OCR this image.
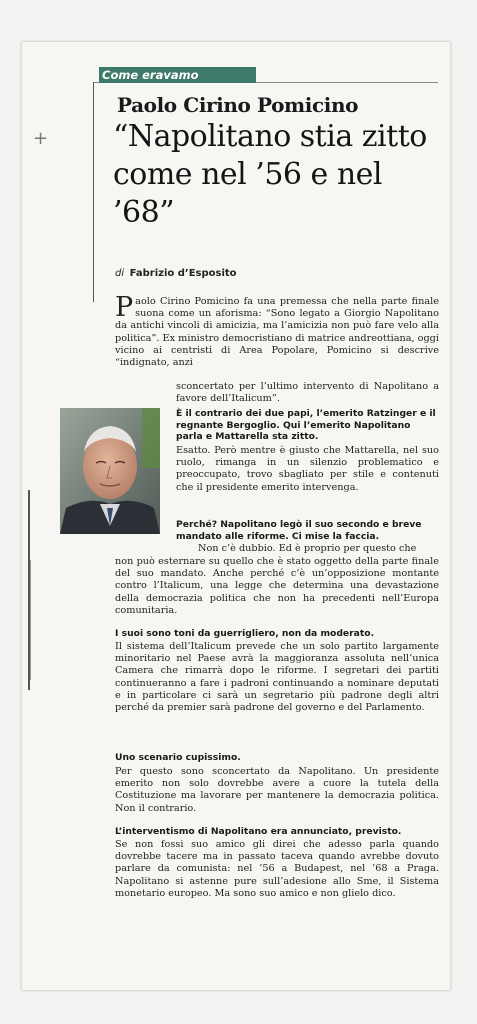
+
Come eravamo
Paolo Cirino Pomicino
“Napolitano stia zitto come nel ’56 e nel ’68”
di Fabrizio d’Esposito

Paolo Cirino Pomicino fa una premessa che nella parte finale suona come un aforisma: “Sono legato a Giorgio Napolitano da antichi vincoli di amicizia, ma l’amicizia non può fare velo alla politica”. Ex ministro democristiano di matrice andreottiana, oggi vicino ai centristi di Area Popolare, Pomicino si descrive “indignato, anzi

sconcertato per l’ultimo intervento di Napolitano a favore dell’Italicum”.

È il contrario dei due papi, l’emerito Ratzinger e il regnante Bergoglio. Qui l’emerito Napolitano parla e Mattarella sta zitto.

Esatto. Però mentre è giusto che Mattarella, nel suo ruolo, rimanga in un silenzio problematico e preoccupato, trovo sbagliato per stile e contenuti che il presidente emerito intervenga.

Perché? Napolitano legò il suo secondo e breve mandato alle riforme. Ci mise la faccia.

Non c’è dubbio. Ed è proprio per questo che

non può esternare su quello che è stato oggetto della parte finale del suo mandato. Anche perché c’è un’opposizione montante contro l’Italicum, una legge che determina una devastazione della democrazia politica che non ha precedenti nell’Europa comunitaria.

I suoi sono toni da guerrigliero, non da moderato.

Il sistema dell’Italicum prevede che un solo partito largamente minoritario nel Paese avrà la maggioranza assoluta nell’unica Camera che rimarrà dopo le riforme. I segretari dei partiti continueranno a fare i padroni continuando a nominare deputati e in particolare ci sarà un segretario più padrone degli altri perché da premier sarà padrone del governo e del Parlamento.

Uno scenario cupissimo.

Per questo sono sconcertato da Napolitano. Un presidente emerito non solo dovrebbe avere a cuore la tutela della Costituzione ma lavorare per mantenere la democrazia politica. Non il contrario.

L’interventismo di Napolitano era annunciato, previsto.

Se non fossi suo amico gli direi che adesso parla quando dovrebbe tacere ma in passato taceva quando avrebbe dovuto parlare da comunista: nel ’56 a Budapest, nel ’68 a Praga. Napolitano si astenne pure sull’adesione allo Sme, il Sistema monetario europeo. Ma sono suo amico e non glielo dico.
